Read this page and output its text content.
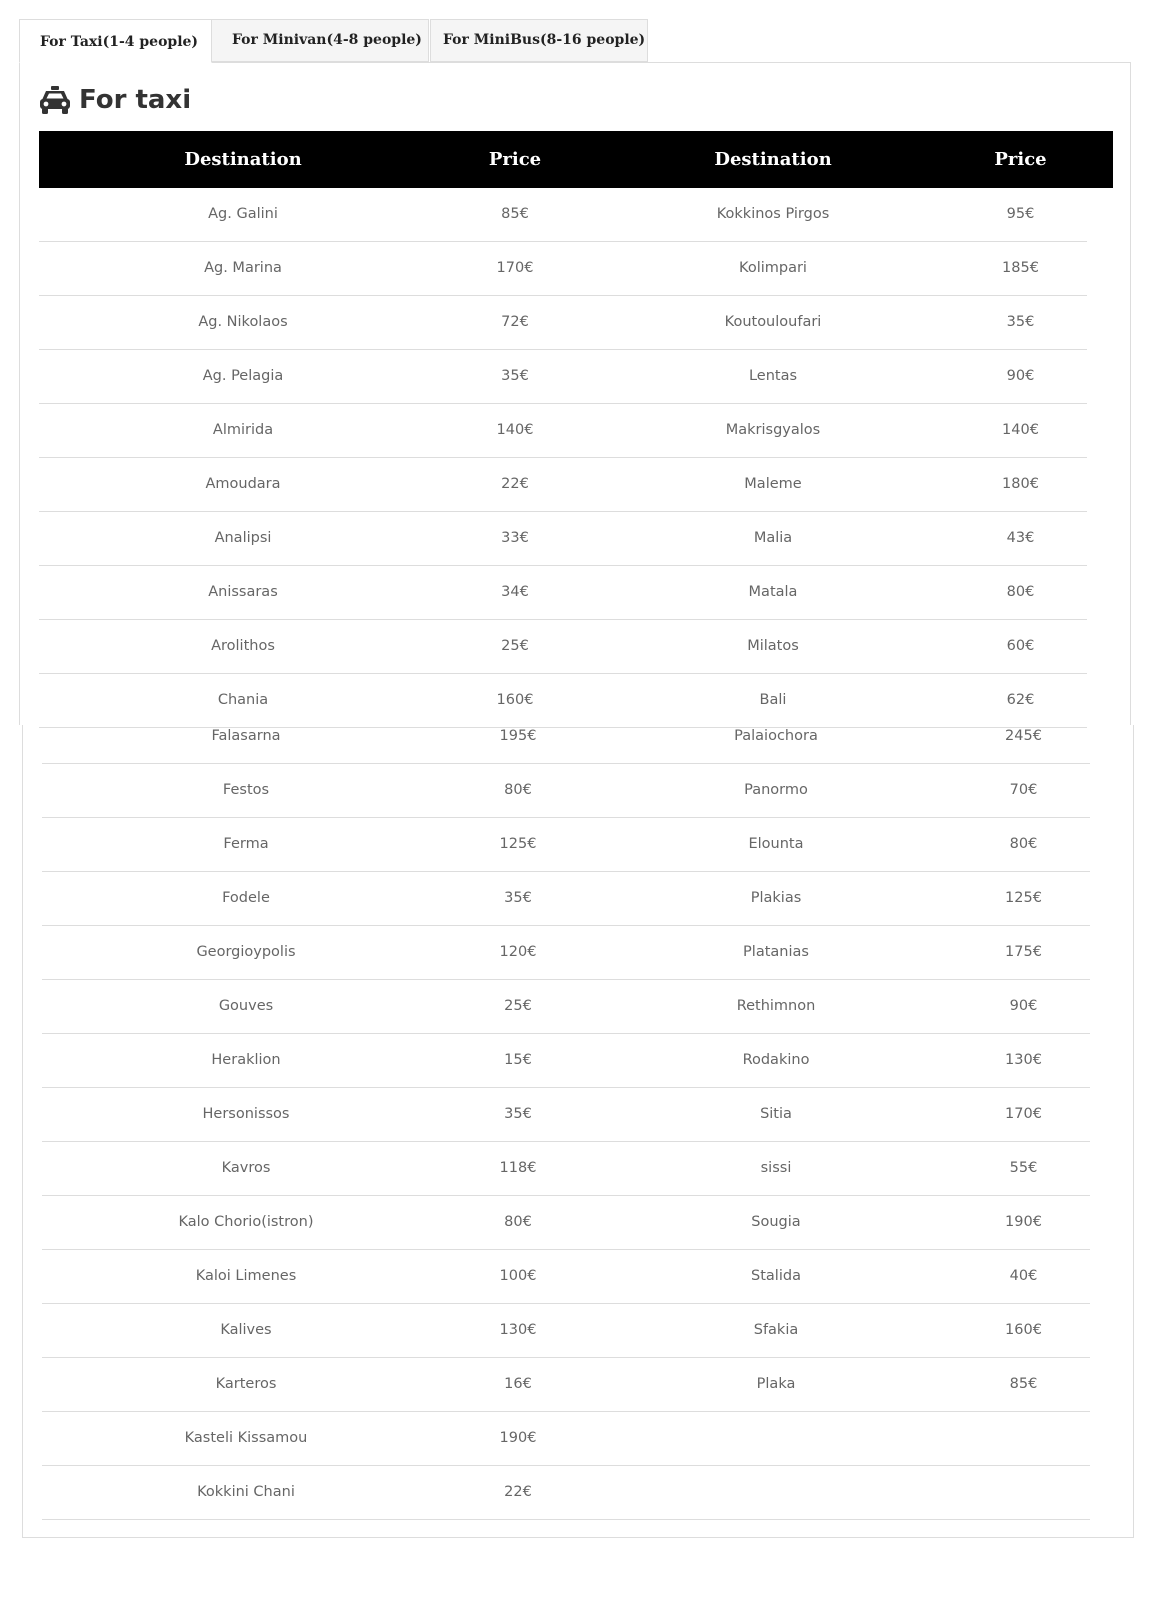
For Taxi(1-4 people)	For Minivan(4-8 people)	For MiniBus(8-16 people)
For taxi
Destination	Price	Destination	Price
Ag. Galini	85€	Kokkinos Pirgos	95€
Ag. Marina	170€	Kolimpari	185€
Ag. Nikolaos	72€	Koutouloufari	35€
Ag. Pelagia	35€	Lentas	90€
Almirida	140€	Makrisgyalos	140€
Amoudara	22€	Maleme	180€
Analipsi	33€	Malia	43€
Anissaras	34€	Matala	80€
Arolithos	25€	Milatos	60€
Chania	160€	Bali	62€
Falasarna	195€	Palaiochora	245€
Festos	80€	Panormo	70€
Ferma	125€	Elounta	80€
Fodele	35€	Plakias	125€
Georgioypolis	120€	Platanias	175€
Gouves	25€	Rethimnon	90€
Heraklion	15€	Rodakino	130€
Hersonissos	35€	Sitia	170€
Kavros	118€	sissi	55€
Kalo Chorio(istron)	80€	Sougia	190€
Kaloi Limenes	100€	Stalida	40€
Kalives	130€	Sfakia	160€
Karteros	16€	Plaka	85€
Kasteli Kissamou	190€
Kokkini Chani	22€
